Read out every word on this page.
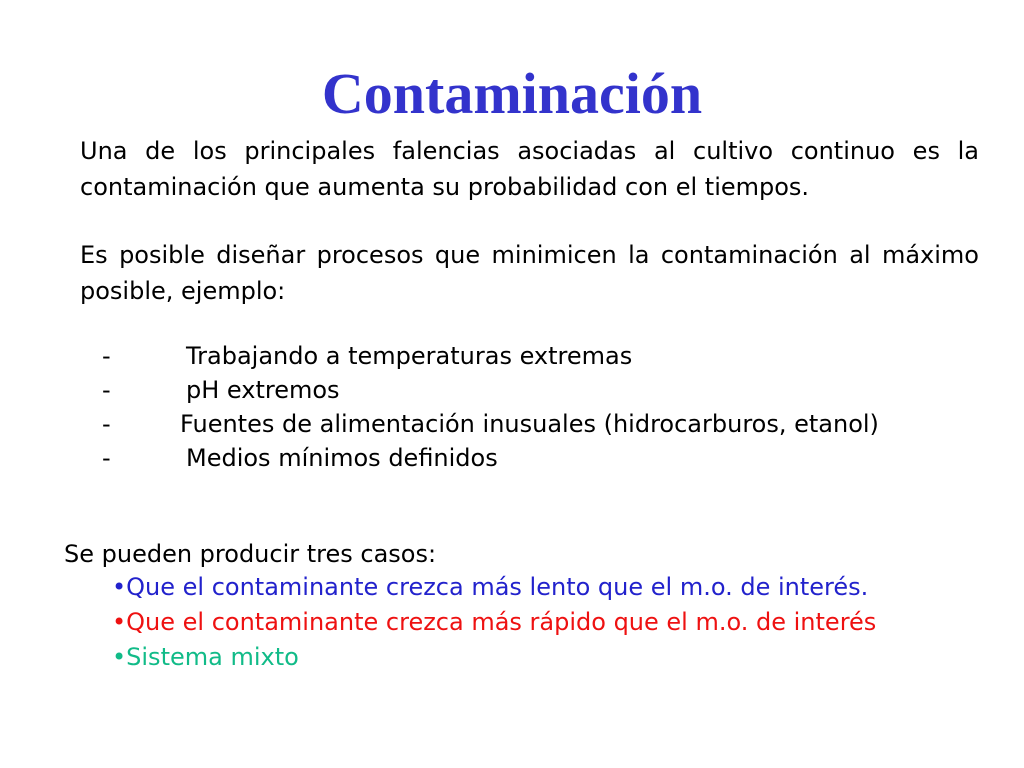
Contaminación

Una de los principales falencias asociadas al cultivo continuo es la contaminación que aumenta su probabilidad con el tiempos.

Es posible diseñar procesos que minimicen la contaminación al máximo posible, ejemplo:

-	Trabajando a temperaturas extremas
-	pH extremos
-	Fuentes de alimentación inusuales (hidrocarburos, etanol)
-	Medios mínimos definidos

Se pueden producir tres casos:

•Que el contaminante crezca más lento que el m.o. de interés.
•Que el contaminante crezca más rápido que el m.o. de interés
•Sistema mixto
